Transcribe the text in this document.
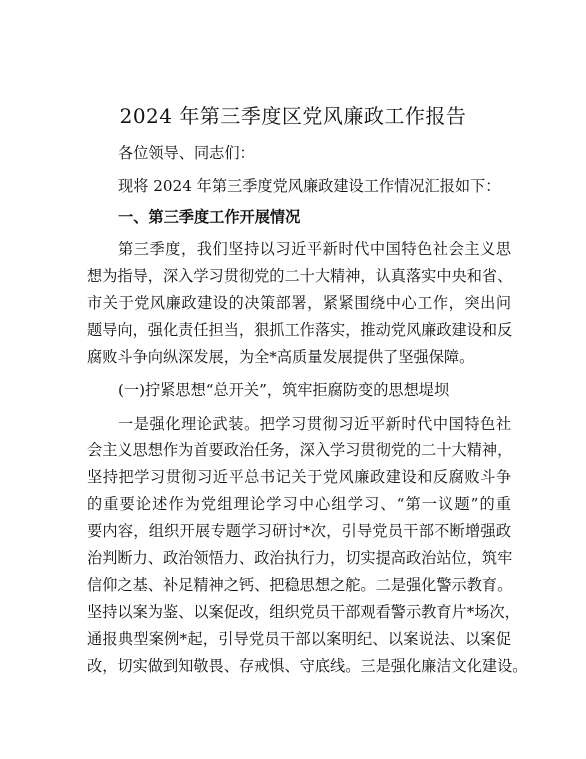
2024 年第三季度区党风廉政工作报告
各位领导、同志们：
现将 2024 年第三季度党风廉政建设工作情况汇报如下：
一、第三季度工作开展情况
第三季度，我们坚持以习近平新时代中国特色社会主义思
想为指导，深入学习贯彻党的二十大精神，认真落实中央和省、
市关于党风廉政建设的决策部署，紧紧围绕中心工作，突出问
题导向，强化责任担当，狠抓工作落实，推动党风廉政建设和反
腐败斗争向纵深发展，为全*高质量发展提供了坚强保障。
(一)拧紧思想“总开关”，筑牢拒腐防变的思想堤坝
一是强化理论武装。把学习贯彻习近平新时代中国特色社
会主义思想作为首要政治任务，深入学习贯彻党的二十大精神，
坚持把学习贯彻习近平总书记关于党风廉政建设和反腐败斗争
的重要论述作为党组理论学习中心组学习、“第一议题”的重
要内容，组织开展专题学习研讨*次，引导党员干部不断增强政
治判断力、政治领悟力、政治执行力，切实提高政治站位，筑牢
信仰之基、补足精神之钙、把稳思想之舵。二是强化警示教育。
坚持以案为鉴、以案促改，组织党员干部观看警示教育片*场次，
通报典型案例*起，引导党员干部以案明纪、以案说法、以案促
改，切实做到知敬畏、存戒惧、守底线。三是强化廉洁文化建设。
